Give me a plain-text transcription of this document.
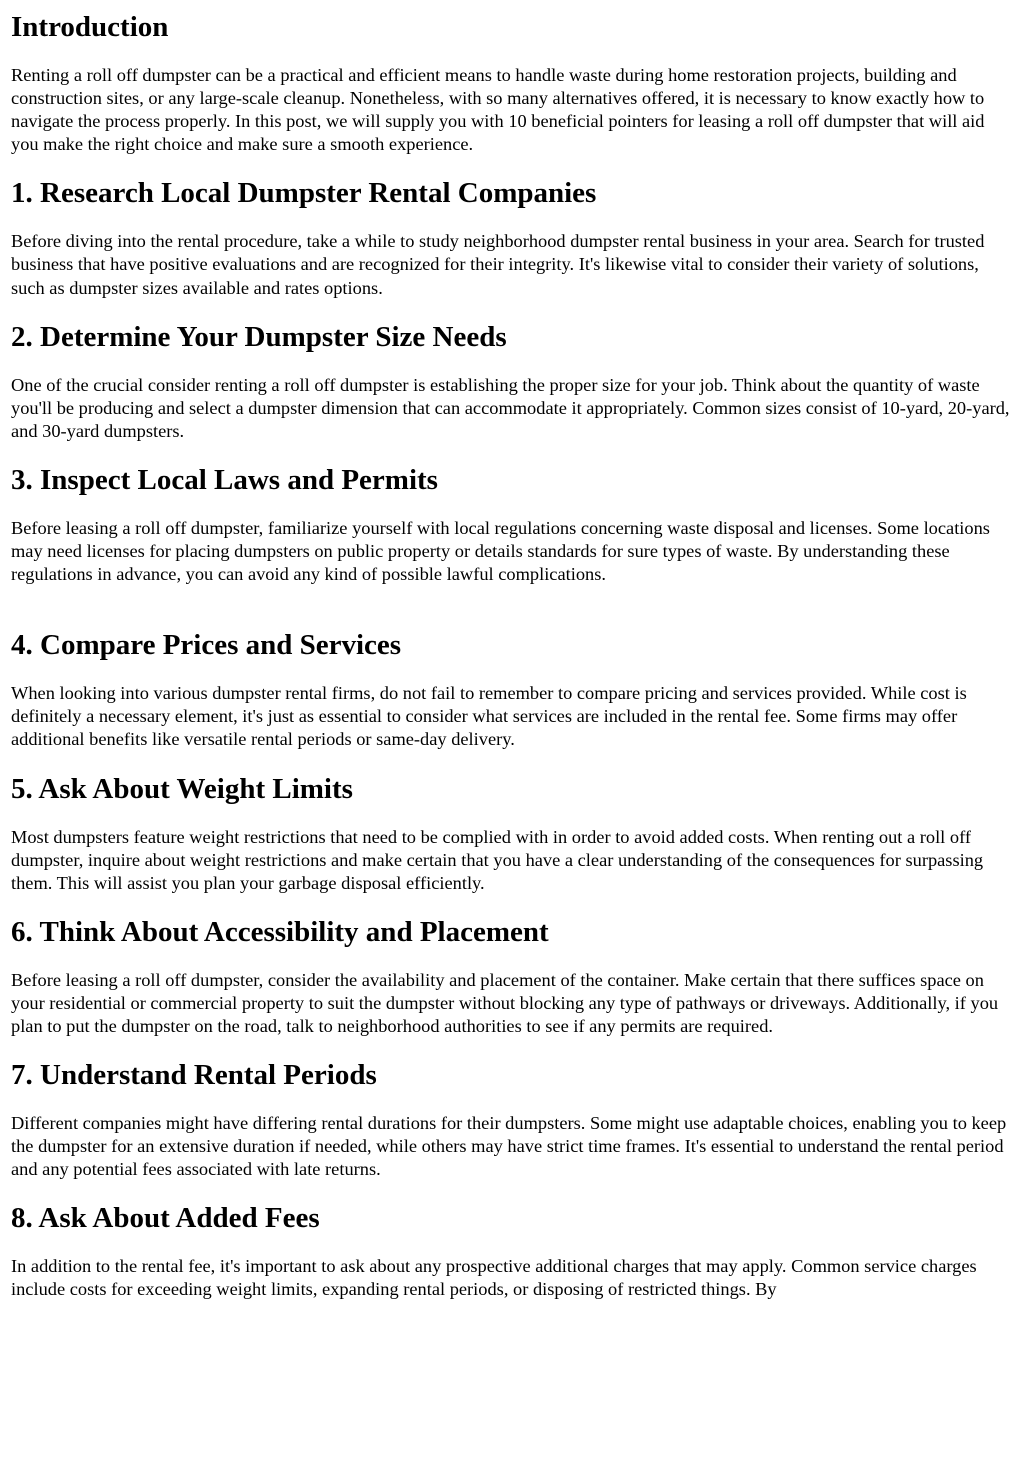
Introduction

Renting a roll off dumpster can be a practical and efficient means to handle waste during home restoration projects, building and construction sites, or any large-scale cleanup. Nonetheless, with so many alternatives offered, it is necessary to know exactly how to navigate the process properly. In this post, we will supply you with 10 beneficial pointers for leasing a roll off dumpster that will aid you make the right choice and make sure a smooth experience.

1. Research Local Dumpster Rental Companies

Before diving into the rental procedure, take a while to study neighborhood dumpster rental business in your area. Search for trusted business that have positive evaluations and are recognized for their integrity. It's likewise vital to consider their variety of solutions, such as dumpster sizes available and rates options.

2. Determine Your Dumpster Size Needs

One of the crucial consider renting a roll off dumpster is establishing the proper size for your job. Think about the quantity of waste you'll be producing and select a dumpster dimension that can accommodate it appropriately. Common sizes consist of 10-yard, 20-yard, and 30-yard dumpsters.

3. Inspect Local Laws and Permits

Before leasing a roll off dumpster, familiarize yourself with local regulations concerning waste disposal and licenses. Some locations may need licenses for placing dumpsters on public property or details standards for sure types of waste. By understanding these regulations in advance, you can avoid any kind of possible lawful complications.

4. Compare Prices and Services

When looking into various dumpster rental firms, do not fail to remember to compare pricing and services provided. While cost is definitely a necessary element, it's just as essential to consider what services are included in the rental fee. Some firms may offer additional benefits like versatile rental periods or same-day delivery.

5. Ask About Weight Limits

Most dumpsters feature weight restrictions that need to be complied with in order to avoid added costs. When renting out a roll off dumpster, inquire about weight restrictions and make certain that you have a clear understanding of the consequences for surpassing them. This will assist you plan your garbage disposal efficiently.

6. Think About Accessibility and Placement

Before leasing a roll off dumpster, consider the availability and placement of the container. Make certain that there suffices space on your residential or commercial property to suit the dumpster without blocking any type of pathways or driveways. Additionally, if you plan to put the dumpster on the road, talk to neighborhood authorities to see if any permits are required.

7. Understand Rental Periods

Different companies might have differing rental durations for their dumpsters. Some might use adaptable choices, enabling you to keep the dumpster for an extensive duration if needed, while others may have strict time frames. It's essential to understand the rental period and any potential fees associated with late returns.

8. Ask About Added Fees

In addition to the rental fee, it's important to ask about any prospective additional charges that may apply. Common service charges include costs for exceeding weight limits, expanding rental periods, or disposing of restricted things. By
